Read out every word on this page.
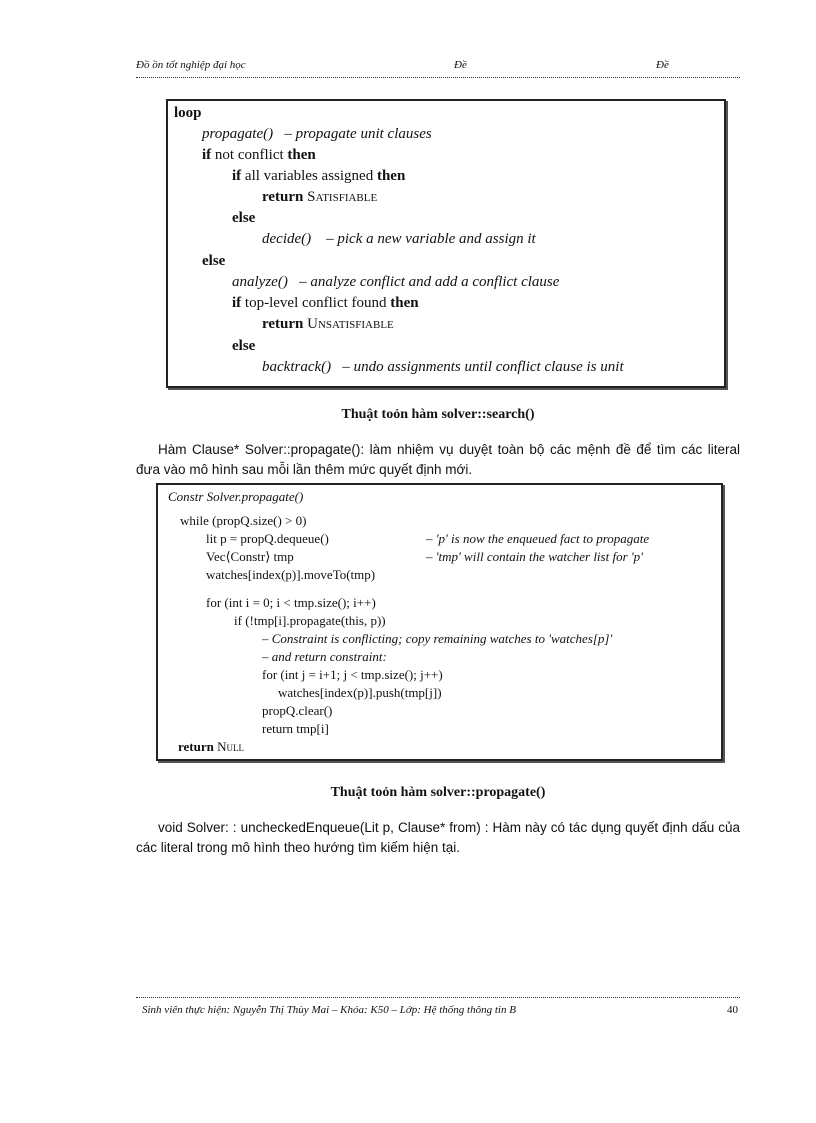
Đồ ồn tốt nghiệp đại học	Đề	Đề
loop
propagate() – propagate unit clauses
if not conflict then
if all variables assigned then
return Satisfiable
else
decide() – pick a new variable and assign it
else
analyze() – analyze conflict and add a conflict clause
if top-level conflict found then
return Unsatisfiable
else
backtrack() – undo assignments until conflict clause is unit
Thuật toỏn hàm solver::search()

Hàm Clause* Solver::propagate(): làm nhiệm vụ duyệt toàn bộ các mệnh đề để tìm các literal đưa vào mô hình sau mỗi lần thêm mức quyết định mới.

Constr Solver.propagate()
while (propQ.size() > 0)
lit p = propQ.dequeue()	– 'p' is now the enqueued fact to propagate
Vec⟨Constr⟩ tmp	– 'tmp' will contain the watcher list for 'p'
watches[index(p)].moveTo(tmp)
for (int i = 0; i < tmp.size(); i++)
if (!tmp[i].propagate(this, p))
– Constraint is conflicting; copy remaining watches to 'watches[p]'
– and return constraint:
for (int j = i+1; j < tmp.size(); j++)
watches[index(p)].push(tmp[j])
propQ.clear()
return tmp[i]
return Null
Thuật toỏn hàm solver::propagate()

void Solver: : uncheckedEnqueue(Lit p, Clause* from) : Hàm này có tác dụng quyết định dấu của các literal trong mô hình theo hướng tìm kiếm hiện tại.

Sinh viên thực hiện: Nguyễn Thị Thùy Mai – Khóa: K50 – Lớp: Hệ thống thông tin B	40
